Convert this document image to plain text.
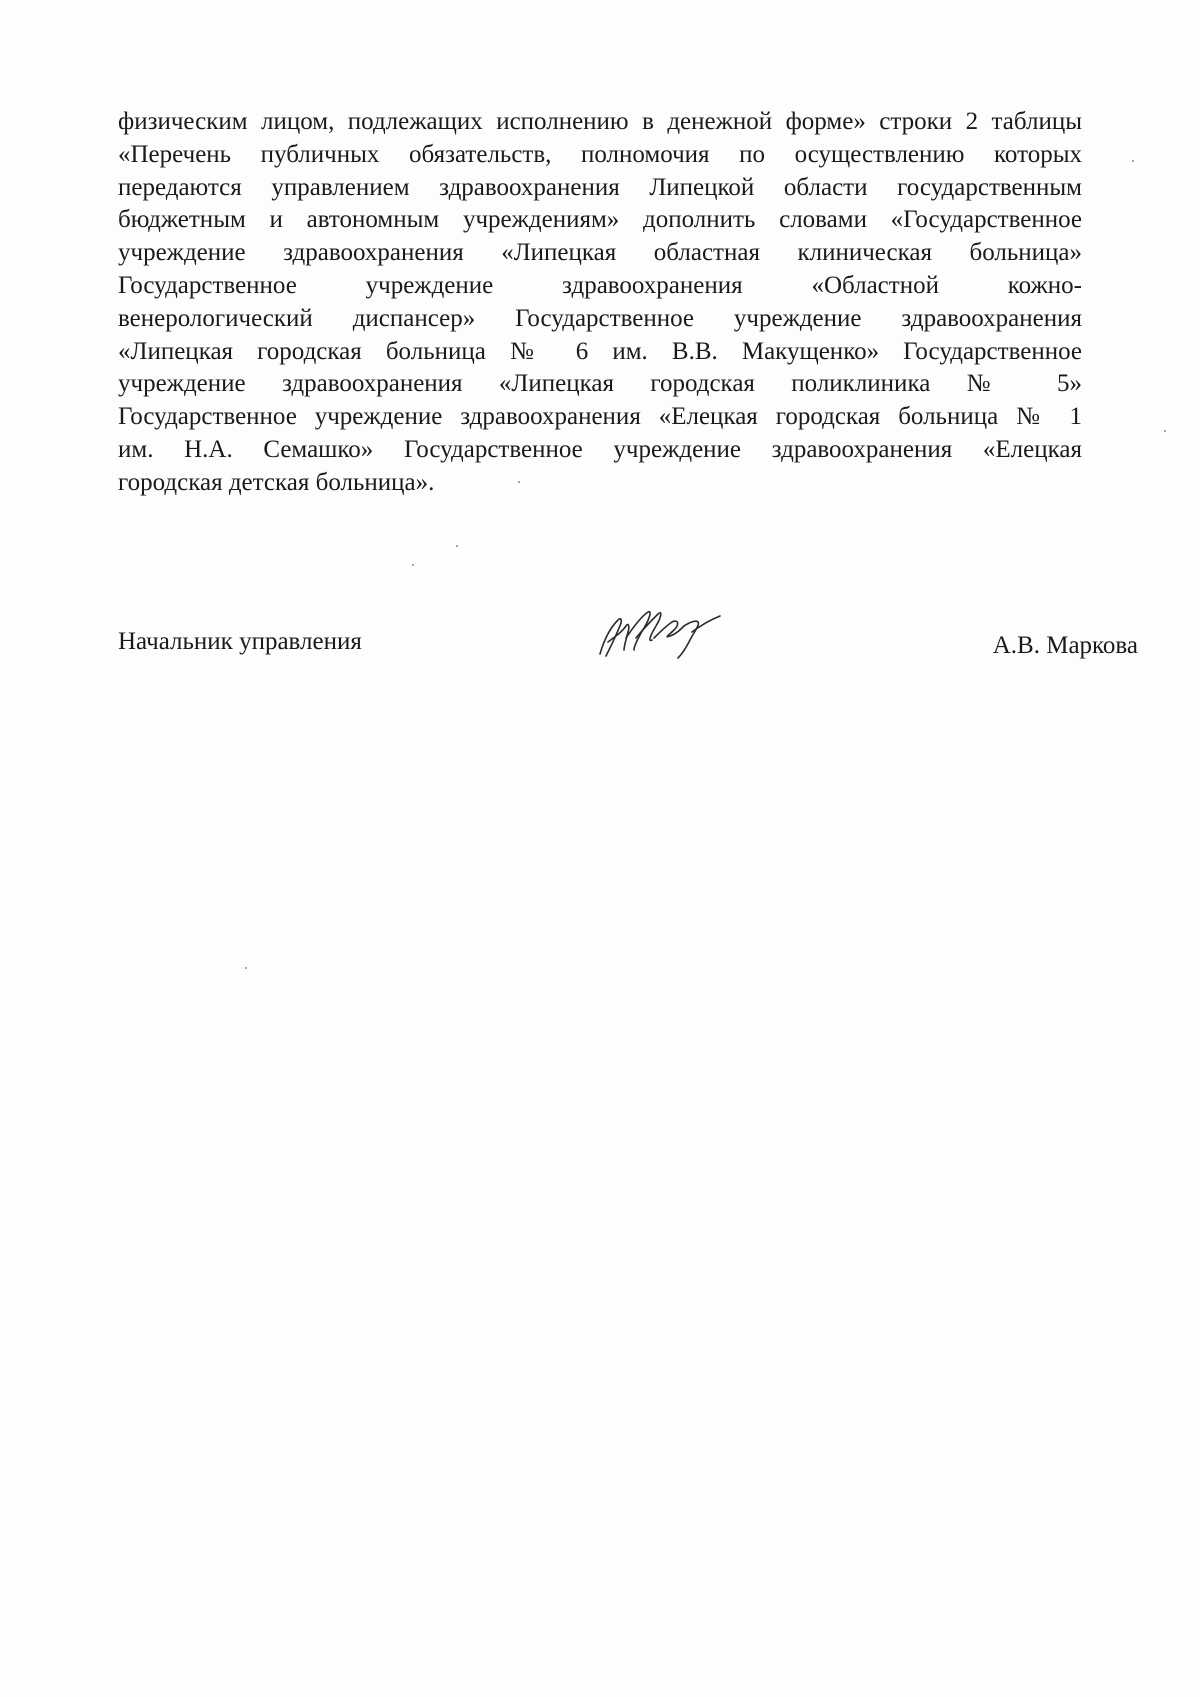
физическим лицом, подлежащих исполнению в денежной форме» строки 2 таблицы
«Перечень публичных обязательств, полномочия по осуществлению которых
передаются управлением здравоохранения Липецкой области государственным
бюджетным и автономным учреждениям» дополнить словами «Государственное
учреждение здравоохранения «Липецкая областная клиническая больница»
Государственное учреждение здравоохранения «Областной кожно-
венерологический диспансер» Государственное учреждение здравоохранения
«Липецкая городская больница № 6 им. В.В. Макущенко» Государственное
учреждение здравоохранения «Липецкая городская поликлиника № 5»
Государственное учреждение здравоохранения «Елецкая городская больница № 1
им. Н.А. Семашко» Государственное учреждение здравоохранения «Елецкая
городская детская больница».
Начальник управления	А.В. Маркова
